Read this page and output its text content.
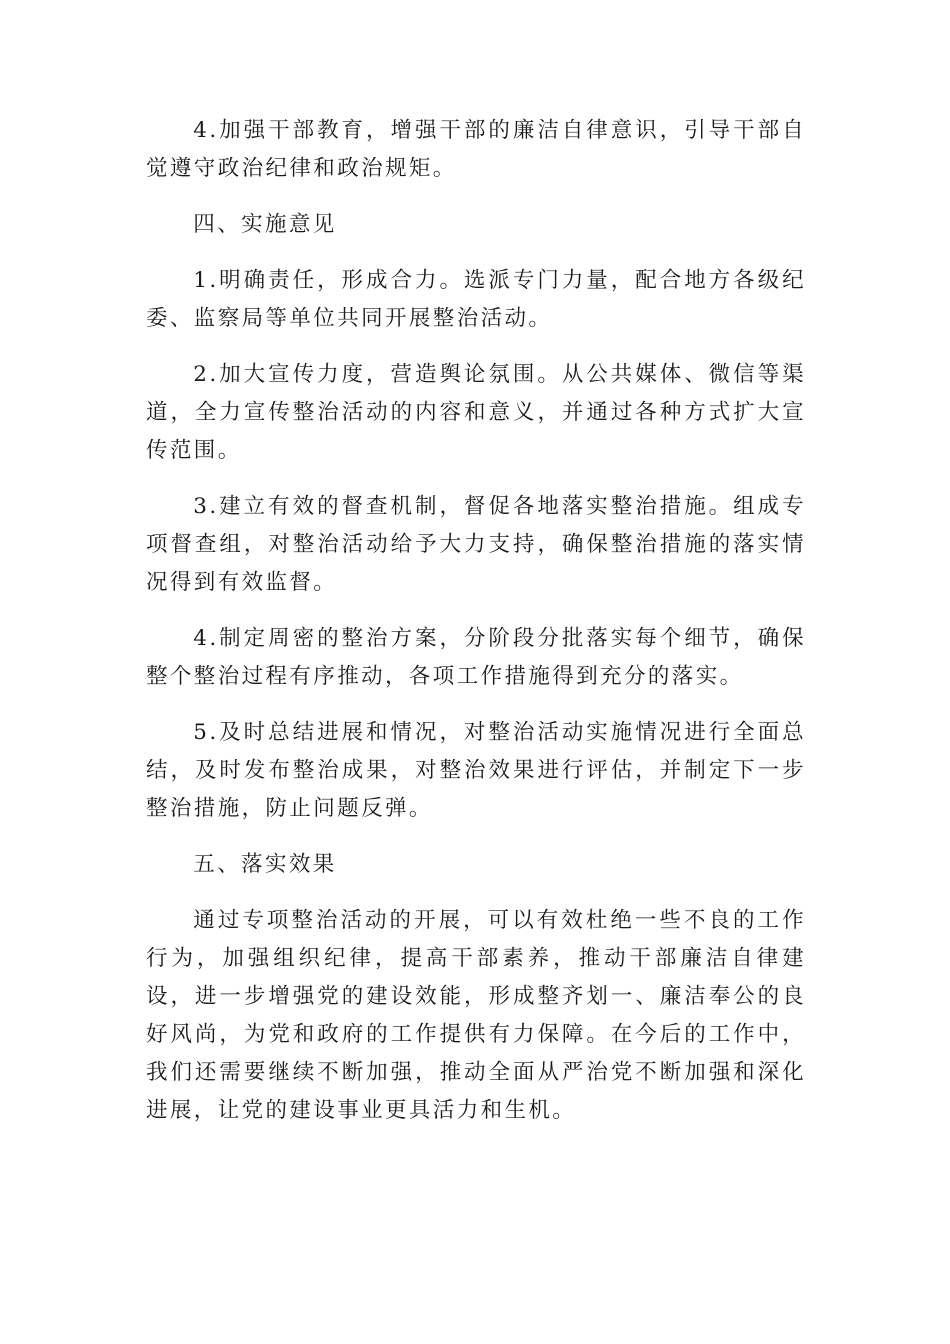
4.加强干部教育，增强干部的廉洁自律意识，引导干部自觉遵守政治纪律和政治规矩。

四、实施意见

1.明确责任，形成合力。选派专门力量，配合地方各级纪委、监察局等单位共同开展整治活动。

2.加大宣传力度，营造舆论氛围。从公共媒体、微信等渠道，全力宣传整治活动的内容和意义，并通过各种方式扩大宣传范围。

3.建立有效的督查机制，督促各地落实整治措施。组成专项督查组，对整治活动给予大力支持，确保整治措施的落实情况得到有效监督。

4.制定周密的整治方案，分阶段分批落实每个细节，确保整个整治过程有序推动，各项工作措施得到充分的落实。

5.及时总结进展和情况，对整治活动实施情况进行全面总结，及时发布整治成果，对整治效果进行评估，并制定下一步整治措施，防止问题反弹。

五、落实效果

通过专项整治活动的开展，可以有效杜绝一些不良的工作行为，加强组织纪律，提高干部素养，推动干部廉洁自律建设，进一步增强党的建设效能，形成整齐划一、廉洁奉公的良好风尚，为党和政府的工作提供有力保障。在今后的工作中，我们还需要继续不断加强，推动全面从严治党不断加强和深化进展，让党的建设事业更具活力和生机。
